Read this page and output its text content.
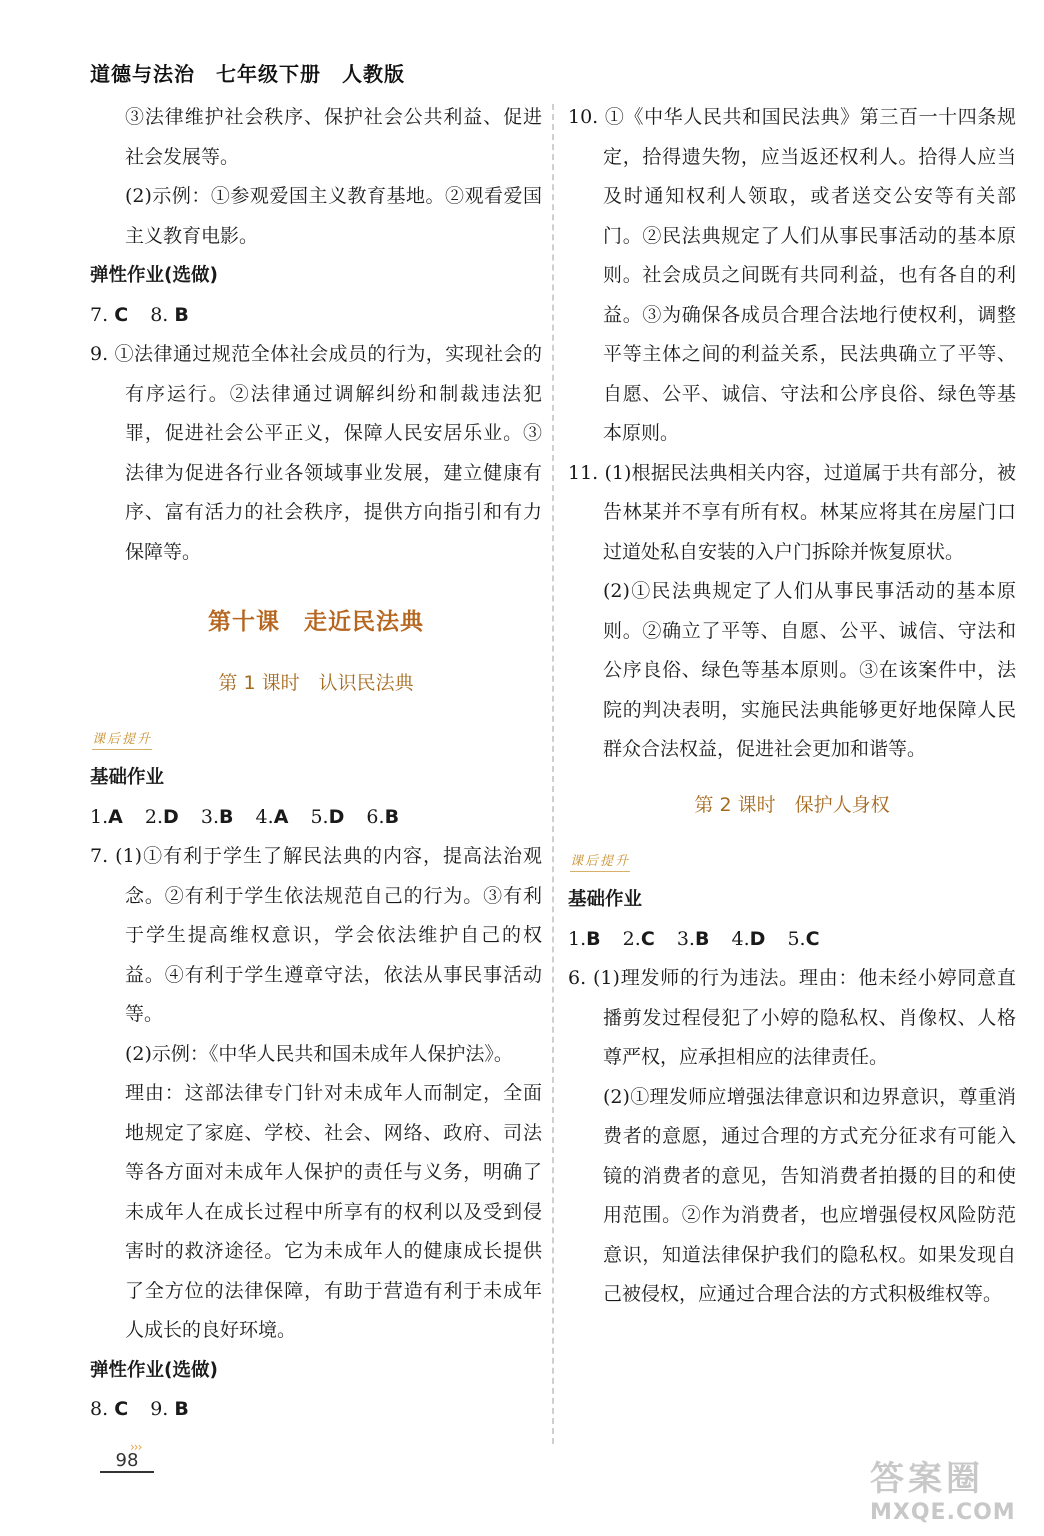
道德与法治　七年级下册　人教版

③法律维护社会秩序、保护社会公共利益、促进社会发展等。

(2)示例：①参观爱国主义教育基地。②观看爱国主义教育电影。

弹性作业(选做)

7. C 8. B

9. ①法律通过规范全体社会成员的行为，实现社会的有序运行。②法律通过调解纠纷和制裁违法犯罪，促进社会公平正义，保障人民安居乐业。③法律为促进各行业各领域事业发展，建立健康有序、富有活力的社会秩序，提供方向指引和有力保障等。

第十课　走近民法典
第 1 课时　认识民法典
课后提升

基础作业

1.A 2.D 3.B 4.A 5.D 6.B

7. (1)①有利于学生了解民法典的内容，提高法治观念。②有利于学生依法规范自己的行为。③有利于学生提高维权意识，学会依法维护自己的权益。④有利于学生遵章守法，依法从事民事活动等。

(2)示例：《中华人民共和国未成年人保护法》。

理由：这部法律专门针对未成年人而制定，全面地规定了家庭、学校、社会、网络、政府、司法等各方面对未成年人保护的责任与义务，明确了未成年人在成长过程中所享有的权利以及受到侵害时的救济途径。它为未成年人的健康成长提供了全方位的法律保障，有助于营造有利于未成年人成长的良好环境。

弹性作业(选做)

8. C 9. B

10. ①《中华人民共和国民法典》第三百一十四条规定，拾得遗失物，应当返还权利人。拾得人应当及时通知权利人领取，或者送交公安等有关部门。②民法典规定了人们从事民事活动的基本原则。社会成员之间既有共同利益，也有各自的利益。③为确保各成员合理合法地行使权利，调整平等主体之间的利益关系，民法典确立了平等、自愿、公平、诚信、守法和公序良俗、绿色等基本原则。

11. (1)根据民法典相关内容，过道属于共有部分，被告林某并不享有所有权。林某应将其在房屋门口过道处私自安装的入户门拆除并恢复原状。

(2)①民法典规定了人们从事民事活动的基本原则。②确立了平等、自愿、公平、诚信、守法和公序良俗、绿色等基本原则。③在该案件中，法院的判决表明，实施民法典能够更好地保障人民群众合法权益，促进社会更加和谐等。

第 2 课时　保护人身权
课后提升

基础作业

1.B 2.C 3.B 4.D 5.C

6. (1)理发师的行为违法。理由：他未经小婷同意直播剪发过程侵犯了小婷的隐私权、肖像权、人格尊严权，应承担相应的法律责任。

(2)①理发师应增强法律意识和边界意识，尊重消费者的意愿，通过合理的方式充分征求有可能入镜的消费者的意见，告知消费者拍摄的目的和使用范围。②作为消费者，也应增强侵权风险防范意识，知道法律保护我们的隐私权。如果发现自己被侵权，应通过合理合法的方式积极维权等。

›››
98	答案圈
MXQE.COM
